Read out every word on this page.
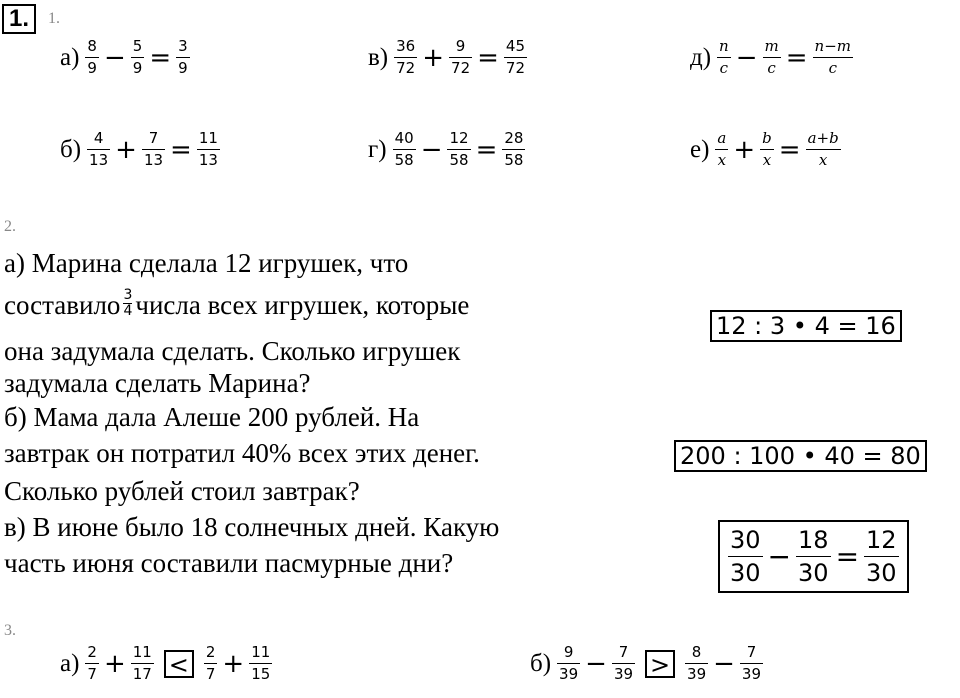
1.	1.
$а) \frac{8}{9} - \frac{5}{9} = \frac{3}{9}$	$в) \frac{36}{72} + \frac{9}{72} = \frac{45}{72}$	$д) \frac{n}{c} - \frac{m}{c} = \frac{n-m}{c}$
$б) \frac{4}{13} + \frac{7}{13} = \frac{11}{13}$	$г) \frac{40}{58} - \frac{12}{58} = \frac{28}{58}$	$е) \frac{a}{x} + \frac{b}{x} = \frac{a+b}{x}$
2.
а) Марина сделала 12 игрушек, что
составило $\frac{3}{4}$ числа всех игрушек, которые
она задумала сделать. Сколько игрушек
задумала сделать Марина?
б) Мама дала Алеше 200 рублей. На
завтрак он потратил 40% всех этих денег.
Сколько рублей стоил завтрак?
в) В июне было 18 солнечных дней. Какую
часть июня составили пасмурные дни?
12 : 3 • 4 = 16
200 : 100 • 40 = 80
$\frac{30}{30} - \frac{18}{30} = \frac{12}{30}$
3.
$а) \frac{2}{7} + \frac{11}{17} < \frac{2}{7} + \frac{11}{15}$	$б) \frac{9}{39} - \frac{7}{39} > \frac{8}{39} - \frac{7}{39}$
